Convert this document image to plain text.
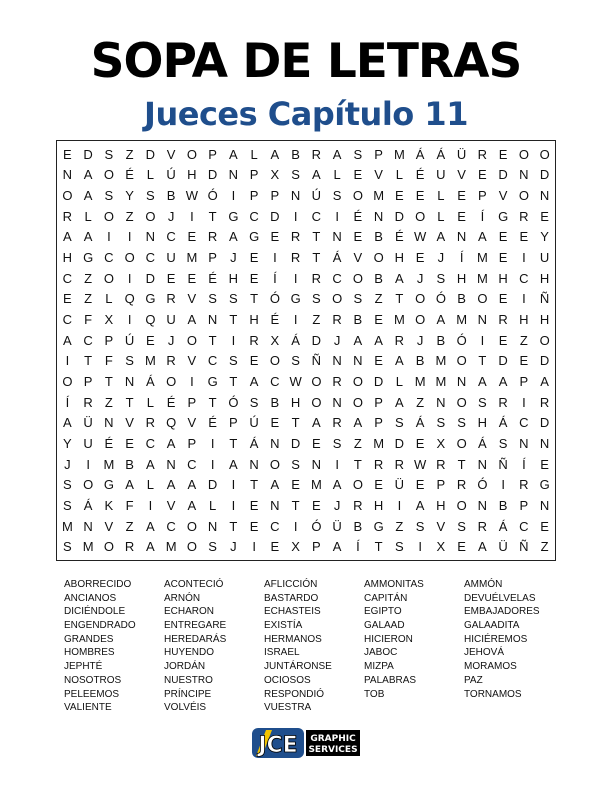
SOPA DE LETRAS
Jueces Capítulo 11
E D S Z D V O P A L A B R A S P M Á Á Ü R E O O
N A O É L Ú H D N P X S A L E V L É U V E D N D
O A S Y S B W Ó	I	P P N Ú S O M E E L E P V O N
R L O Z O J	I	T G C D	I	C	I	É N D O L E	Í	G R E
A A	I	I	N C E R A G E R T N E B É W A N A E E Y
H G C O C U M P	J	E	I	R T Á V O H E	J	Í	M E	I	U
C Z O	I	D E E É H E	Í	I	R C O B A	J	S H M H C H
E Z	L Q G R V S S T Ó G S O S Z T O Ó B O E	I	Ñ
C F X	I	Q U A N T H É	I	Z R B E M O A M N R H H
A C P Ú E	J O T	I	R X Á D J	A A R J	B Ó	I	E Z O
I	T F S M R V C S E O S Ñ N N E A B M O T D E D
O P T N Á O	I	G T A C W O R O D L M M N A A P A
Í	R Z T	L É P T Ó S B H O N O P A Z N O S R	I	R
A Ü N V R Q V É P Ú E T A R A P S Á S S H Á C D
Y U É E C A P	I	T Á N D E S Z M D E X O Á S N N
J	I	M B A N C	I	A N O S N	I	T R R W R T N Ñ	Í	E
S O G A L A A D	I	T A E M A O E Ü E P R Ó	I	R G
S Á K F	I	V A L	I	E N T E	J R H	I	A H O N B P N
M N V Z A C O N T E C	I	Ó Ü B G Z S V S R Á C E
S M O R A M O S	J	I	E X P A	Í	T S	I	X E A Ü Ñ Z
ABORRECIDO
ANCIANOS
DICIÉNDOLE
ENGENDRADO
GRANDES
HOMBRES
JEPHTÉ
NOSOTROS
PELEEMOS
VALIENTE
ACONTECIÓ
ARNÓN
ECHARON
ENTREGARE
HEREDARÁS
HUYENDO
JORDÁN
NUESTRO
PRÍNCIPE
VOLVÉIS
AFLICCIÓN
BASTARDO
ECHASTEIS
EXISTÍA
HERMANOS
ISRAEL
JUNTÁRONSE
OCIOSOS
RESPONDIÓ
VUESTRA
AMMONITAS
CAPITÁN
EGIPTO
GALAAD
HICIERON
JABOC
MIZPA
PALABRAS
TOB
AMMÓN
DEVUÉLVELAS
EMBAJADORES
GALAADITA
HICIÉREMOS
JEHOVÁ
MORAMOS
PAZ
TORNAMOS
JCE GRAPHIC
SERVICES
